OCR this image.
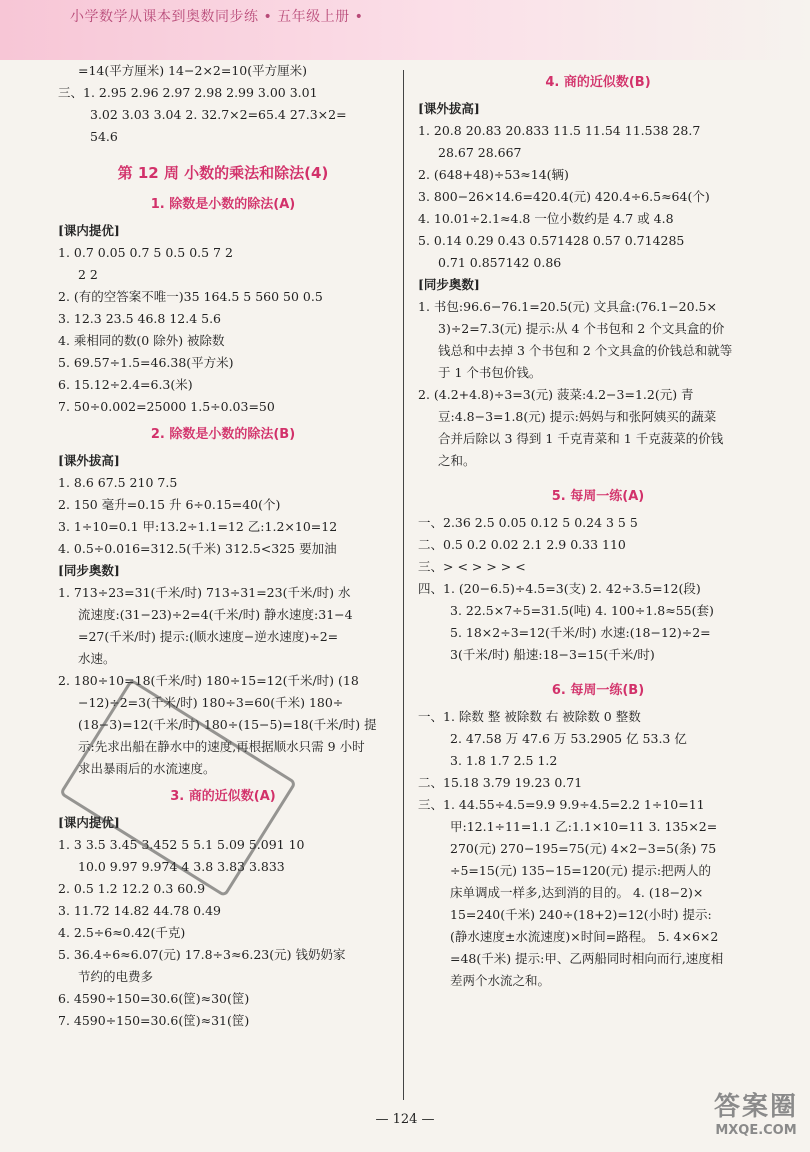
小学数学从课本到奥数同步练 • 五年级上册 •
=14(平方厘米) 14−2×2=10(平方厘米)
三、1. 2.95 2.96 2.97 2.98 2.99 3.00 3.01
3.02 3.03 3.04 2. 32.7×2=65.4 27.3×2=
54.6
第 12 周 小数的乘法和除法(4)
1. 除数是小数的除法(A)
[课内提优]
1. 0.7 0.05 0.7 5 0.5 0.5 7 2
2 2
2. (有的空答案不唯一)35 164.5 5 560 50 0.5
3. 12.3 23.5 46.8 12.4 5.6
4. 乘相同的数(0 除外) 被除数
5. 69.57÷1.5=46.38(平方米)
6. 15.12÷2.4=6.3(米)
7. 50÷0.002=25000 1.5÷0.03=50
2. 除数是小数的除法(B)
[课外拔高]
1. 8.6 67.5 210 7.5
2. 150 毫升=0.15 升 6÷0.15=40(个)
3. 1÷10=0.1 甲:13.2÷1.1=12 乙:1.2×10=12
4. 0.5÷0.016=312.5(千米) 312.5<325 要加油
[同步奥数]
1. 713÷23=31(千米/时) 713÷31=23(千米/时) 水
流速度:(31−23)÷2=4(千米/时) 静水速度:31−4
=27(千米/时) 提示:(顺水速度−逆水速度)÷2=
水速。
2. 180÷10=18(千米/时) 180÷15=12(千米/时) (18
−12)÷2=3(千米/时) 180÷3=60(千米) 180÷
(18−3)=12(千米/时) 180÷(15−5)=18(千米/时) 提
示:先求出船在静水中的速度,再根据顺水只需 9 小时
求出暴雨后的水流速度。
3. 商的近似数(A)
[课内提优]
1. 3 3.5 3.45 3.452 5 5.1 5.09 5.091 10
10.0 9.97 9.974 4 3.8 3.83 3.833
2. 0.5 1.2 12.2 0.3 60.9
3. 11.72 14.82 44.78 0.49
4. 2.5÷6≈0.42(千克)
5. 36.4÷6≈6.07(元) 17.8÷3≈6.23(元) 钱奶奶家
节约的电费多
6. 4590÷150=30.6(筐)≈30(筐)
7. 4590÷150=30.6(筐)≈31(筐)
4. 商的近似数(B)
[课外拔高]
1. 20.8 20.83 20.833 11.5 11.54 11.538 28.7
28.67 28.667
2. (648+48)÷53≈14(辆)
3. 800−26×14.6=420.4(元) 420.4÷6.5≈64(个)
4. 10.01÷2.1≈4.8 一位小数约是 4.7 或 4.8
5. 0.14 0.29 0.43 0.571428 0.57 0.714285
0.71 0.857142 0.86
[同步奥数]
1. 书包:96.6−76.1=20.5(元) 文具盒:(76.1−20.5×
3)÷2=7.3(元) 提示:从 4 个书包和 2 个文具盒的价
钱总和中去掉 3 个书包和 2 个文具盒的价钱总和就等
于 1 个书包价钱。
2. (4.2+4.8)÷3=3(元) 菠菜:4.2−3=1.2(元) 青
豆:4.8−3=1.8(元) 提示:妈妈与和张阿姨买的蔬菜
合并后除以 3 得到 1 千克青菜和 1 千克菠菜的价钱
之和。
5. 每周一练(A)
一、2.36 2.5 0.05 0.12 5 0.24 3 5 5
二、0.5 0.2 0.02 2.1 2.9 0.33 110
三、> < > > > <
四、1. (20−6.5)÷4.5=3(支) 2. 42÷3.5=12(段)
3. 22.5×7÷5=31.5(吨) 4. 100÷1.8≈55(套)
5. 18×2÷3=12(千米/时) 水速:(18−12)÷2=
3(千米/时) 船速:18−3=15(千米/时)
6. 每周一练(B)
一、1. 除数 整 被除数 右 被除数 0 整数
2. 47.58 万 47.6 万 53.2905 亿 53.3 亿
3. 1.8 1.7 2.5 1.2
二、15.18 3.79 19.23 0.71
三、1. 44.55÷4.5=9.9 9.9÷4.5=2.2 1÷10=11
甲:12.1÷11=1.1 乙:1.1×10=11 3. 135×2=
270(元) 270−195=75(元) 4×2−3=5(条) 75
÷5=15(元) 135−15=120(元) 提示:把两人的
床单调成一样多,达到消的目的。 4. (18−2)×
15=240(千米) 240÷(18+2)=12(小时) 提示:
(静水速度±水流速度)×时间=路程。 5. 4×6×2
=48(千米) 提示:甲、乙两船同时相向而行,速度相
差两个水流之和。
— 124 —	答案圈
MXQE.COM
